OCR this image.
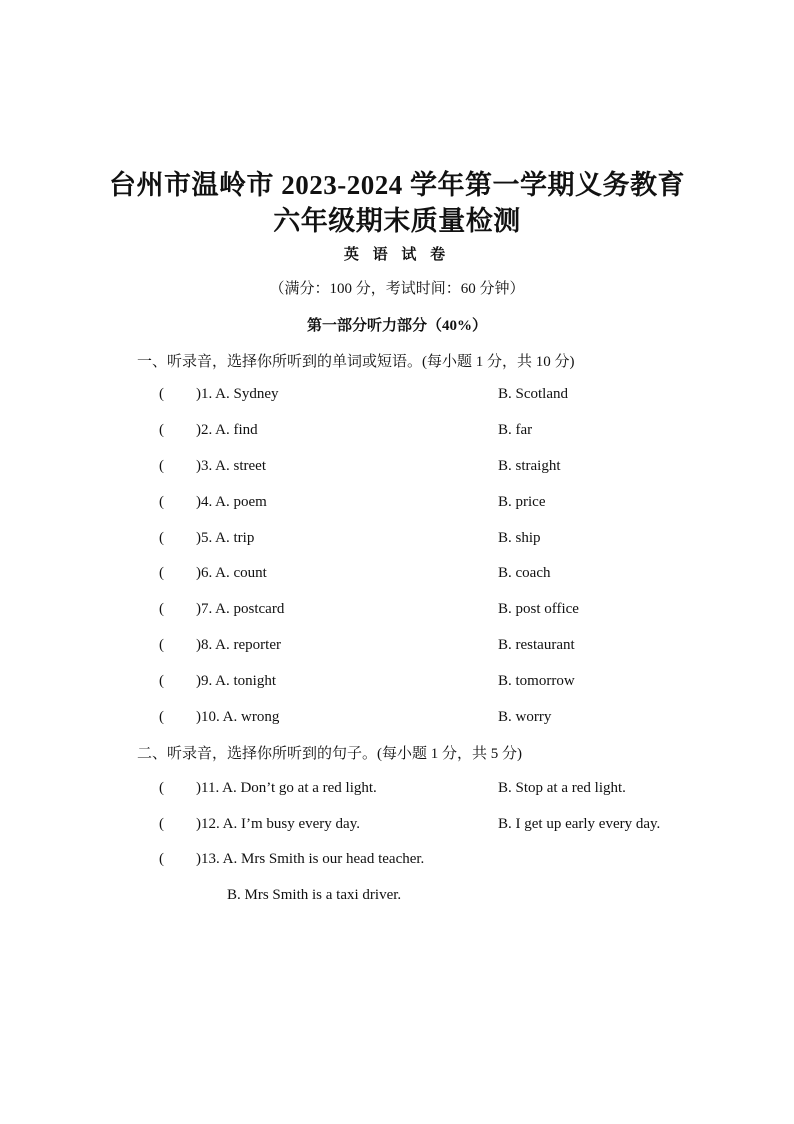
台州市温岭市 2023-2024 学年第一学期义务教育
六年级期末质量检测
英 语 试 卷
（满分：100 分，考试时间：60 分钟）
第一部分听力部分（40%）
一、听录音，选择你所听到的单词或短语。(每小题 1 分，共 10 分)
( )1. A. Sydney	B. Scotland
( )2. A. find	B. far
( )3. A. street	B. straight
( )4. A. poem	B. price
( )5. A. trip	B. ship
( )6. A. count	B. coach
( )7. A. postcard	B. post office
( )8. A. reporter	B. restaurant
( )9. A. tonight	B. tomorrow
( )10. A. wrong	B. worry
二、听录音，选择你所听到的句子。(每小题 1 分，共 5 分)
( )11. A. Don’t go at a red light.	B. Stop at a red light.
( )12. A. I’m busy every day.	B. I get up early every day.
( )13. A. Mrs Smith is our head teacher.
B. Mrs Smith is a taxi driver.
